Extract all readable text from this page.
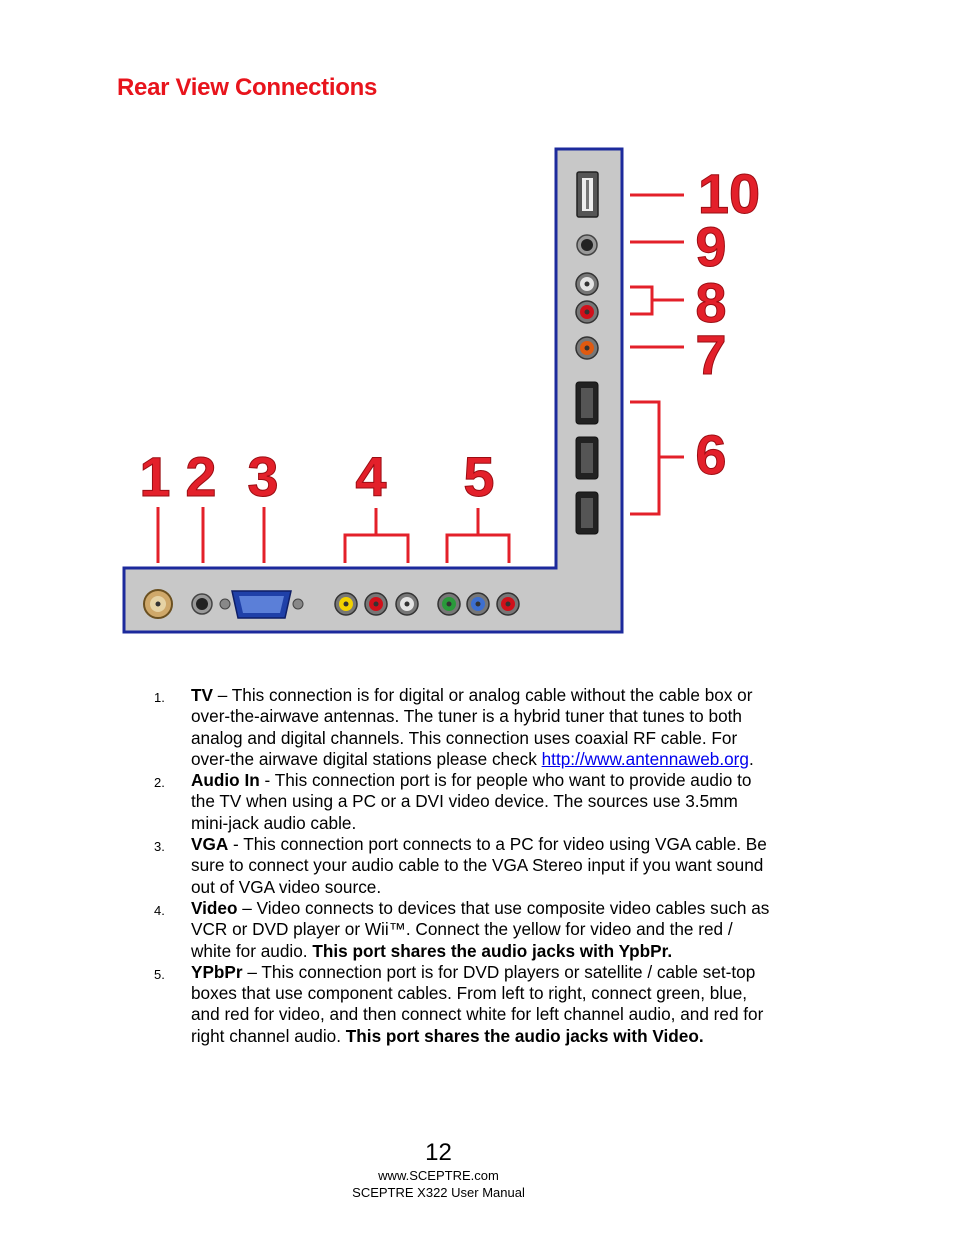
Rear View Connections
1 2 3 4 5	6
7
8
9
10
1. TV – This connection is for digital or analog cable without the cable box or over-the-airwave antennas. The tuner is a hybrid tuner that tunes to both analog and digital channels. This connection uses coaxial RF cable. For over-the airwave digital stations please check http://www.antennaweb.org.
2. Audio In - This connection port is for people who want to provide audio to the TV when using a PC or a DVI video device. The sources use 3.5mm mini-jack audio cable.
3. VGA - This connection port connects to a PC for video using VGA cable. Be sure to connect your audio cable to the VGA Stereo input if you want sound out of VGA video source.
4. Video – Video connects to devices that use composite video cables such as VCR or DVD player or Wii™. Connect the yellow for video and the red / white for audio. This port shares the audio jacks with YpbPr.
5. YPbPr – This connection port is for DVD players or satellite / cable set-top boxes that use component cables. From left to right, connect green, blue, and red for video, and then connect white for left channel audio, and red for right channel audio. This port shares the audio jacks with Video.
12
www.SCEPTRE.com
SCEPTRE X322 User Manual
